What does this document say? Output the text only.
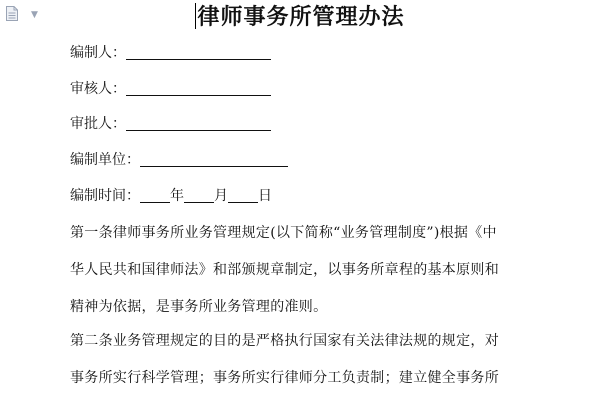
▼	律师事务所管理办法
编制人：
审核人：
审批人：
编制单位：
编制时间： 年 月 日
第一条律师事务所业务管理规定(以下简称“业务管理制度”)根据《中
华人民共和国律师法》和部颁规章制定，以事务所章程的基本原则和
精神为依据，是事务所业务管理的准则。
第二条业务管理规定的目的是严格执行国家有关法律法规的规定，对
事务所实行科学管理；事务所实行律师分工负责制；建立健全事务所
